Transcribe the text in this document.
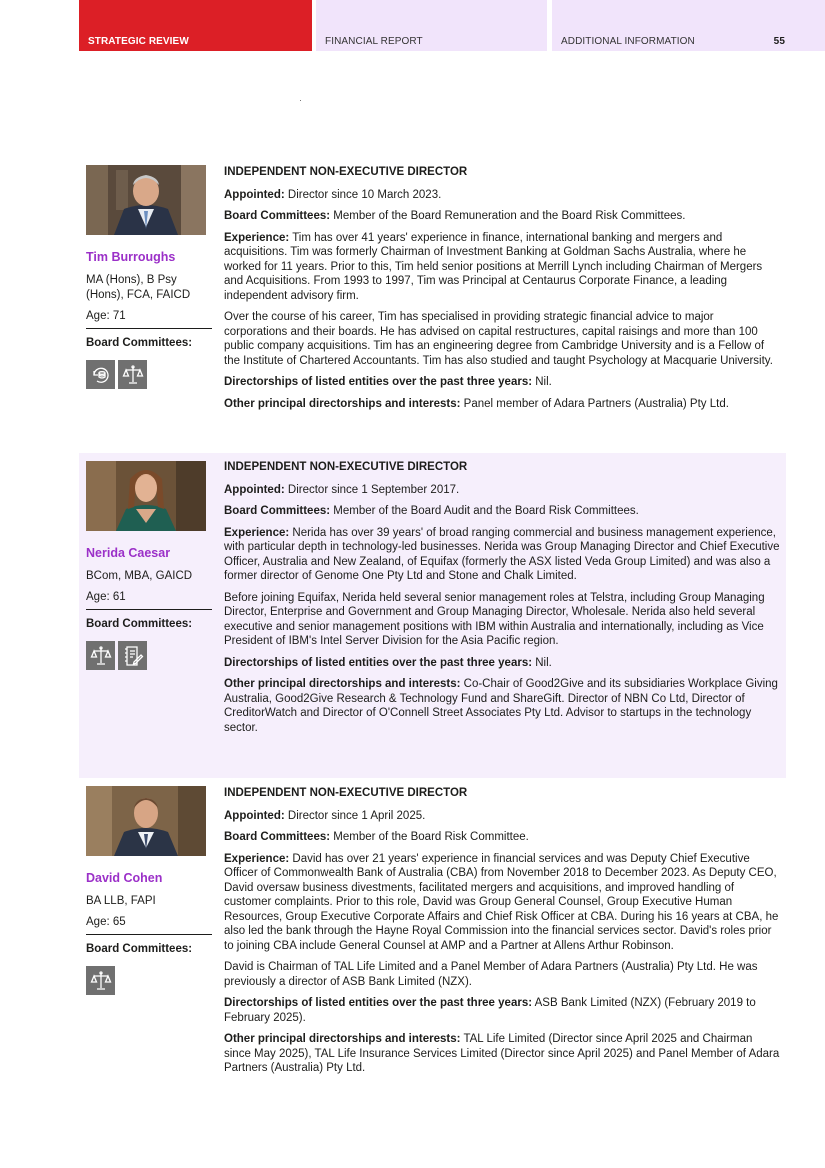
STRATEGIC REVIEW	FINANCIAL REPORT	ADDITIONAL INFORMATION	55
Tim Burroughs
MA (Hons), B Psy (Hons), FCA, FAICD
Age: 71
Board Committees:

INDEPENDENT NON-EXECUTIVE DIRECTOR

Appointed: Director since 10 March 2023.

Board Committees: Member of the Board Remuneration and the Board Risk Committees.

Experience: Tim has over 41 years' experience in finance, international banking and mergers and acquisitions. Tim was formerly Chairman of Investment Banking at Goldman Sachs Australia, where he worked for 11 years. Prior to this, Tim held senior positions at Merrill Lynch including Chairman of Mergers and Acquisitions. From 1993 to 1997, Tim was Principal at Centaurus Corporate Finance, a leading independent advisory firm.

Over the course of his career, Tim has specialised in providing strategic financial advice to major corporations and their boards. He has advised on capital restructures, capital raisings and more than 100 public company acquisitions. Tim has an engineering degree from Cambridge University and is a Fellow of the Institute of Chartered Accountants. Tim has also studied and taught Psychology at Macquarie University.

Directorships of listed entities over the past three years: Nil.

Other principal directorships and interests: Panel member of Adara Partners (Australia) Pty Ltd.

Nerida Caesar
BCom, MBA, GAICD
Age: 61
Board Committees:

INDEPENDENT NON-EXECUTIVE DIRECTOR

Appointed: Director since 1 September 2017.

Board Committees: Member of the Board Audit and the Board Risk Committees.

Experience: Nerida has over 39 years' of broad ranging commercial and business management experience, with particular depth in technology-led businesses. Nerida was Group Managing Director and Chief Executive Officer, Australia and New Zealand, of Equifax (formerly the ASX listed Veda Group Limited) and was also a former director of Genome One Pty Ltd and Stone and Chalk Limited.

Before joining Equifax, Nerida held several senior management roles at Telstra, including Group Managing Director, Enterprise and Government and Group Managing Director, Wholesale. Nerida also held several executive and senior management positions with IBM within Australia and internationally, including as Vice President of IBM's Intel Server Division for the Asia Pacific region.

Directorships of listed entities over the past three years: Nil.

Other principal directorships and interests: Co-Chair of Good2Give and its subsidiaries Workplace Giving Australia, Good2Give Research & Technology Fund and ShareGift. Director of NBN Co Ltd, Director of CreditorWatch and Director of O'Connell Street Associates Pty Ltd. Advisor to startups in the technology sector.

David Cohen
BA LLB, FAPI
Age: 65
Board Committees:

INDEPENDENT NON-EXECUTIVE DIRECTOR

Appointed: Director since 1 April 2025.

Board Committees: Member of the Board Risk Committee.

Experience: David has over 21 years' experience in financial services and was Deputy Chief Executive Officer of Commonwealth Bank of Australia (CBA) from November 2018 to December 2023. As Deputy CEO, David oversaw business divestments, facilitated mergers and acquisitions, and improved handling of customer complaints. Prior to this role, David was Group General Counsel, Group Executive Human Resources, Group Executive Corporate Affairs and Chief Risk Officer at CBA. During his 16 years at CBA, he also led the bank through the Hayne Royal Commission into the financial services sector. David's roles prior to joining CBA include General Counsel at AMP and a Partner at Allens Arthur Robinson.

David is Chairman of TAL Life Limited and a Panel Member of Adara Partners (Australia) Pty Ltd. He was previously a director of ASB Bank Limited (NZX).

Directorships of listed entities over the past three years: ASB Bank Limited (NZX) (February 2019 to February 2025).

Other principal directorships and interests: TAL Life Limited (Director since April 2025 and Chairman since May 2025), TAL Life Insurance Services Limited (Director since April 2025) and Panel Member of Adara Partners (Australia) Pty Ltd.
